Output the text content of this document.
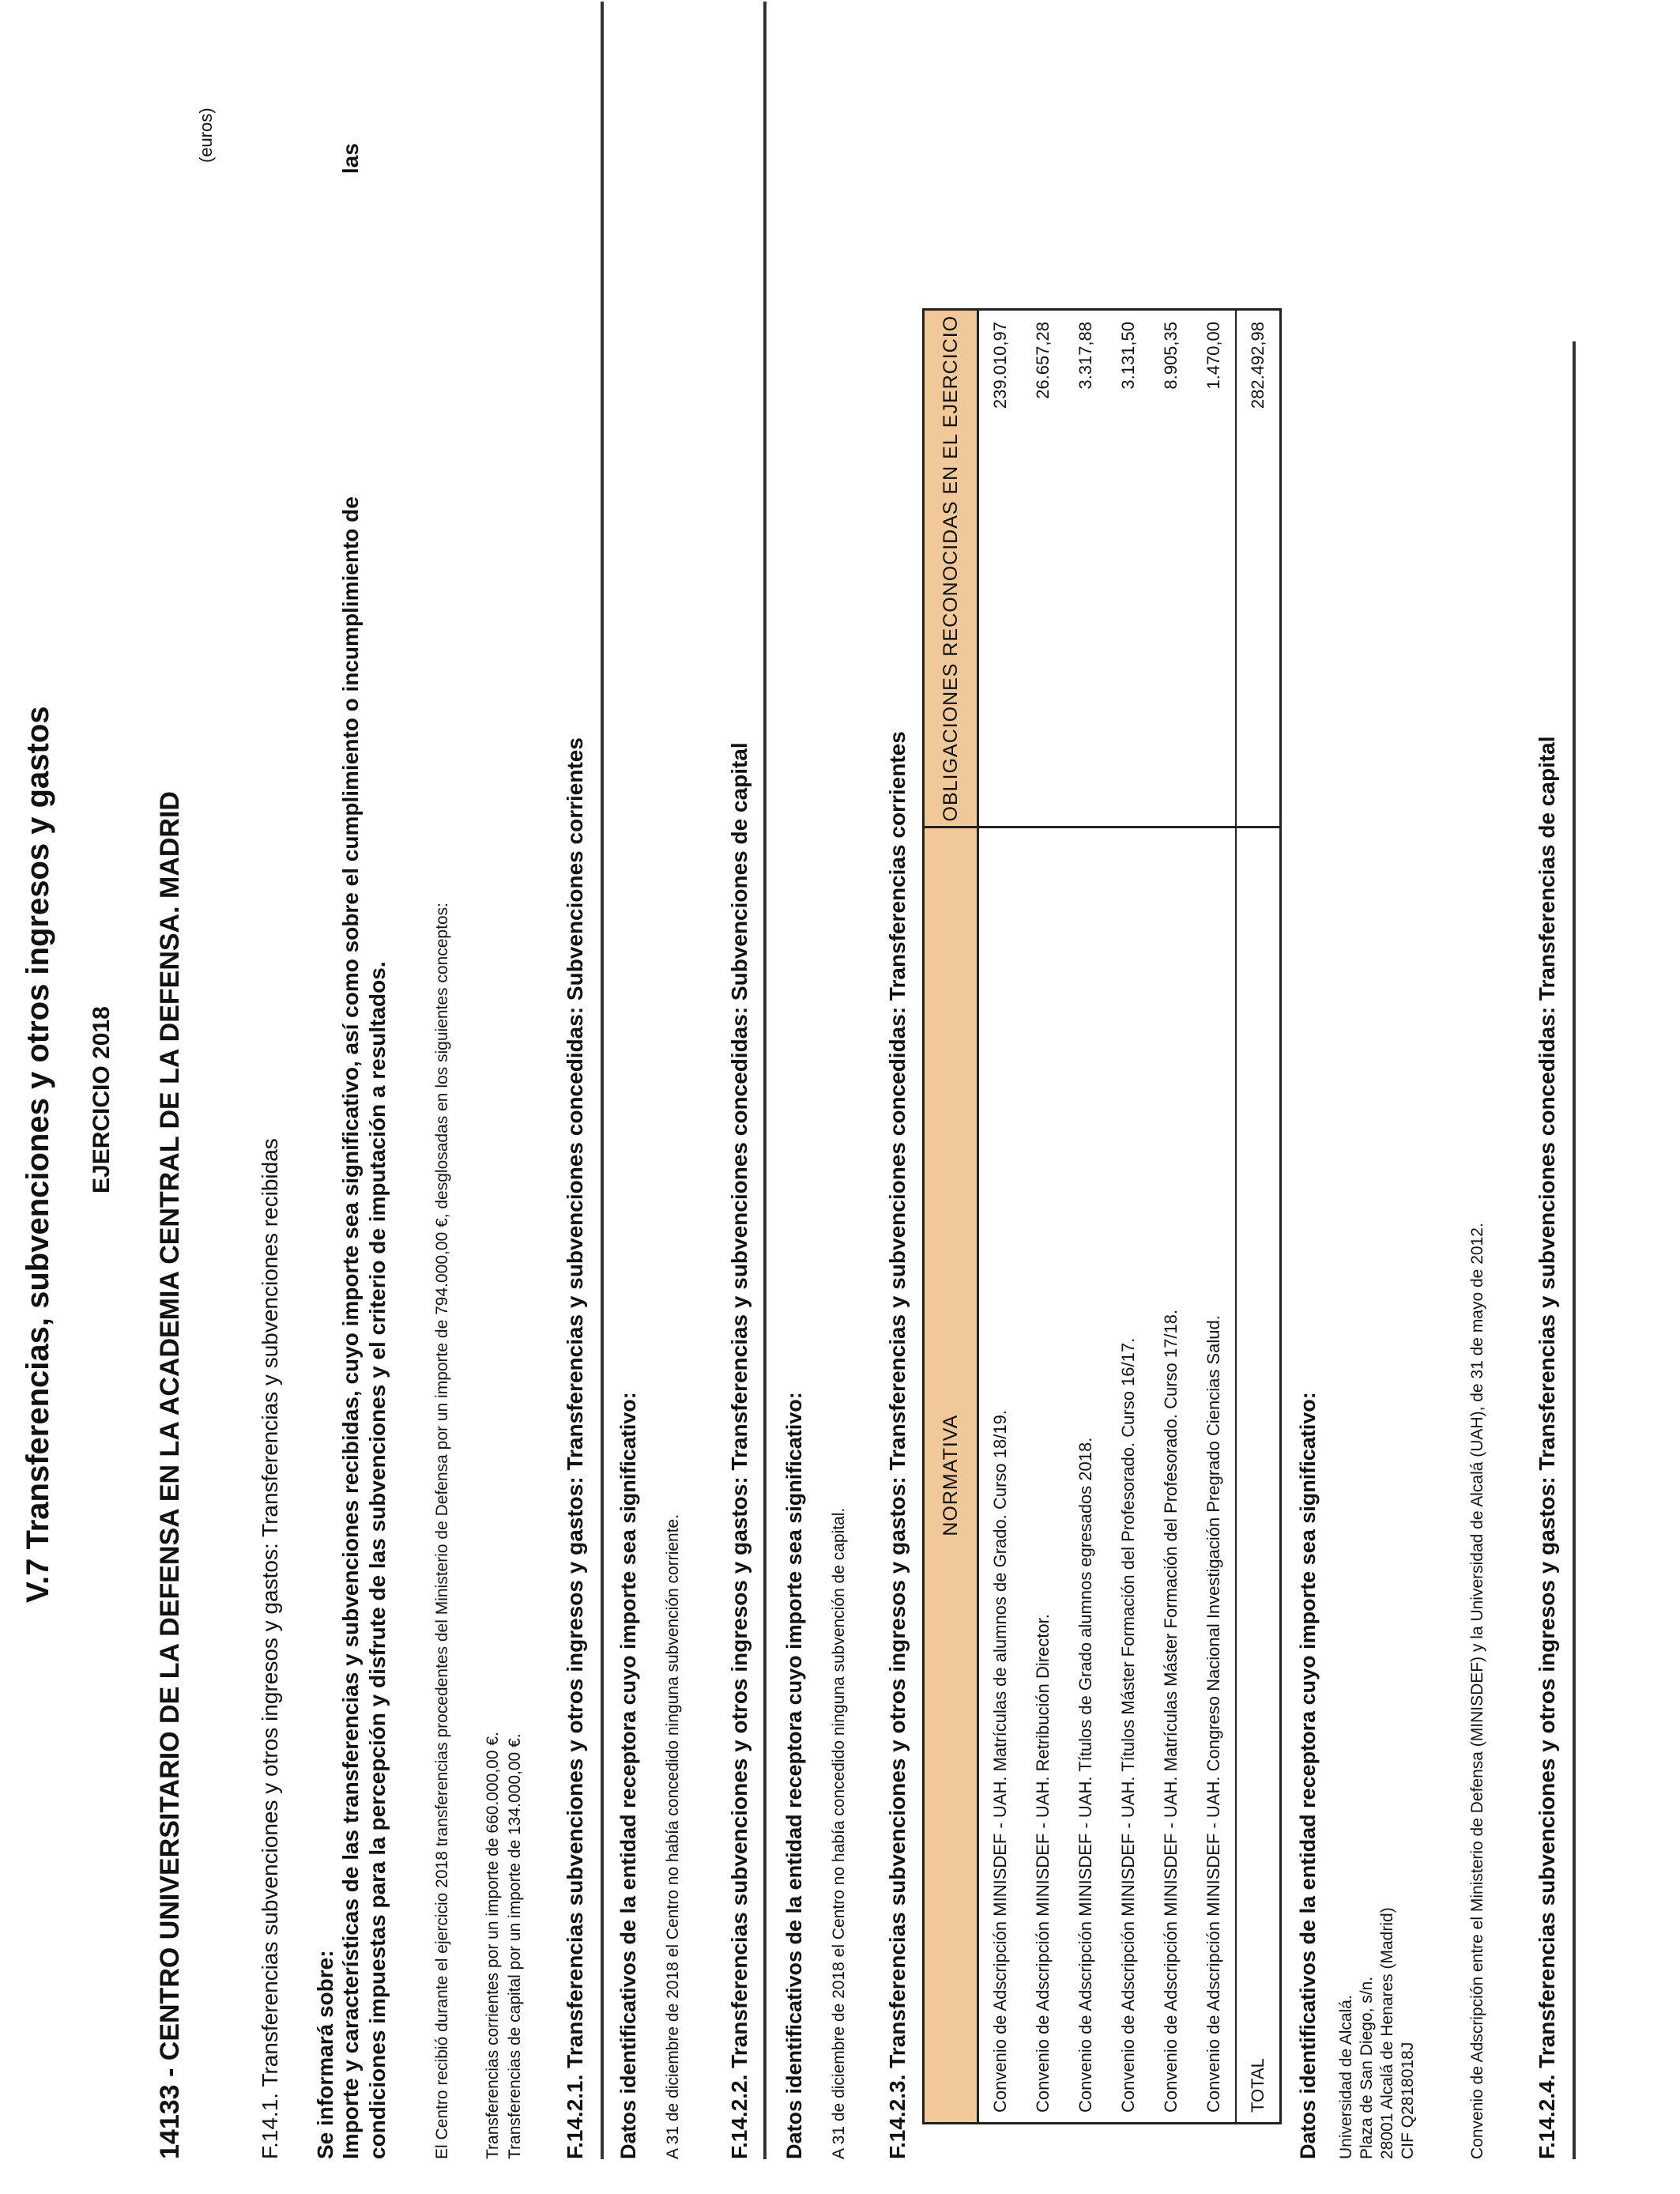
V.7 Transferencias, subvenciones y otros ingresos y gastos
(euros)
EJERCICIO 2018 14133 - CENTRO UNIVERSITARIO DE LA DEFENSA EN LA ACADEMIA CENTRAL DE LA DEFENSA. MADRID	F.14.1. Transferencias subvenciones y otros ingresos y gastos: Transferencias y subvenciones recibidas Se informará sobre: Importe y características de las transferencias y subvenciones recibidas, cuyo importe sea significativo, así como sobre el cumplimiento o incumplimiento de
las
condiciones impuestas para la percepción y disfrute de las subvenciones y el criterio de imputación a resultados.	El Centro recibió durante el ejercicio 2018 transferencias procedentes del Ministerio de Defensa por un importe de 794.000,00 €, desglosadas en los siguientes conceptos: Transferencias corrientes por un importe de 660.000,00 €. Transferencias de capital por un importe de 134.000,00 €. F.14.2.1. Transferencias subvenciones y otros ingresos y gastos: Transferencias y subvenciones concedidas: Subvenciones corrientes Datos identificativos de la entidad receptora cuyo importe sea significativo: A 31 de diciembre de 2018 el Centro no había concedido ninguna subvención corriente. F.14.2.2. Transferencias subvenciones y otros ingresos y gastos: Transferencias y subvenciones concedidas: Subvenciones de capital Datos identificativos de la entidad receptora cuyo importe sea significativo: A 31 de diciembre de 2018 el Centro no había concedido ninguna subvención de capital. F.14.2.3. Transferencias subvenciones y otros ingresos y gastos: Transferencias y subvenciones concedidas: Transferencias corrientes NORMATIVA	OBLIGACIONES RECONOCIDAS EN EL EJERCICIO
Convenio de Adscripción MINISDEF - UAH. Matrículas de alumnos de Grado. Curso 18/19.	239.010,97
Convenio de Adscripción MINISDEF - UAH. Retribución Director.	26.657,28
Convenio de Adscripción MINISDEF - UAH. Títulos de Grado alumnos egresados 2018.	3.317,88
Convenio de Adscripción MINISDEF - UAH. Títulos Máster Formación del Profesorado. Curso 16/17.	3.131,50
Convenio de Adscripción MINISDEF - UAH. Matrículas Máster Formación del Profesorado. Curso 17/18.	8.905,35
Convenio de Adscripción MINISDEF - UAH. Congreso Nacional Investigación Pregrado Ciencias Salud.	1.470,00
TOTAL	282.492,98
Datos identificativos de la entidad receptora cuyo importe sea significativo: Universidad de Alcalá. Plaza de San Diego, s/n. 28001 Alcalá de Henares (Madrid) CIF Q2818018J	Convenio de Adscripción entre el Ministerio de Defensa (MINISDEF) y la Universidad de Alcalá (UAH), de 31 de mayo de 2012. F.14.2.4. Transferencias subvenciones y otros ingresos y gastos: Transferencias y subvenciones concedidas: Transferencias de capital
